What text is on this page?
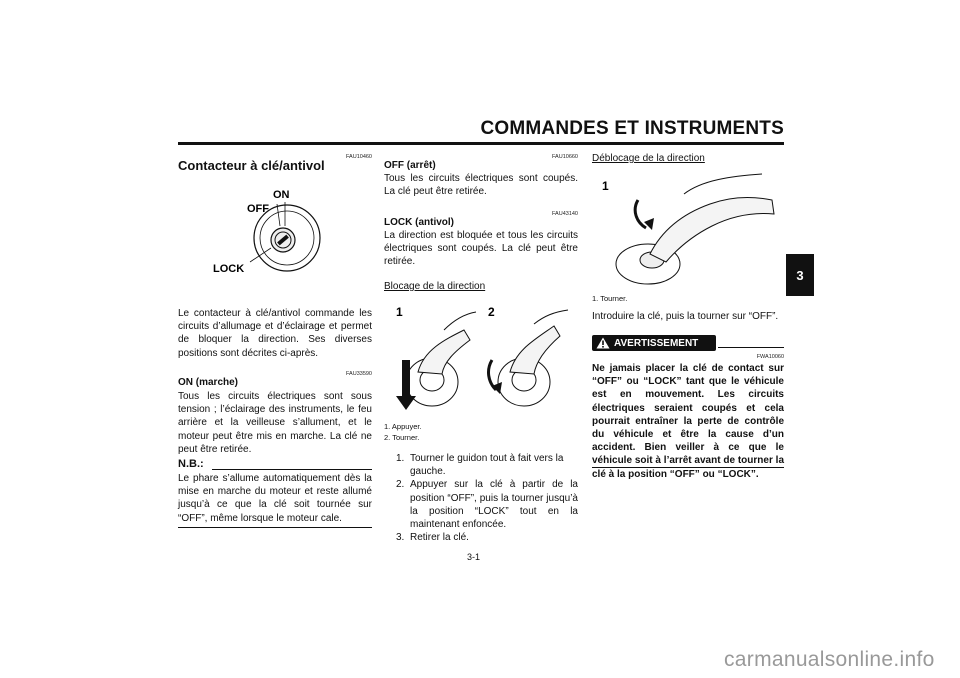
COMMANDES ET INSTRUMENTS
3
FAU10460
Contacteur à clé/antivol
ON
OFF
LOCK
Le contacteur à clé/antivol commande les circuits d’allumage et d’éclairage et permet de bloquer la direction. Ses diverses positions sont décrites ci-après.
FAU33590
ON (marche)
Tous les circuits électriques sont sous tension ; l’éclairage des instruments, le feu arrière et la veilleuse s’allument, et le moteur peut être mis en marche. La clé ne peut être retirée.
N.B.:
Le phare s’allume automatiquement dès la mise en marche du moteur et reste allumé jusqu’à ce que la clé soit tournée sur “OFF”, même lorsque le moteur cale.
FAU10660
OFF (arrêt)
Tous les circuits électriques sont coupés. La clé peut être retirée.
FAU43140
LOCK (antivol)
La direction est bloquée et tous les circuits électriques sont coupés. La clé peut être retirée.
Blocage de la direction
1	2
1. Appuyer.
2. Tourner.
1. Tourner le guidon tout à fait vers la gauche.
2. Appuyer sur la clé à partir de la position “OFF”, puis la tourner jusqu’à la position “LOCK” tout en la maintenant enfoncée.
3. Retirer la clé.
Déblocage de la direction
1
1. Tourner.
Introduire la clé, puis la tourner sur “OFF”.
AVERTISSEMENT
FWA10060
Ne jamais placer la clé de contact sur “OFF” ou “LOCK” tant que le véhicule est en mouvement. Les circuits électriques seraient coupés et cela pourrait entraîner la perte de contrôle du véhicule et être la cause d’un accident. Bien veiller à ce que le véhicule soit à l’arrêt avant de tourner la clé à la position “OFF” ou “LOCK”.
3-1
carmanualsonline.info
